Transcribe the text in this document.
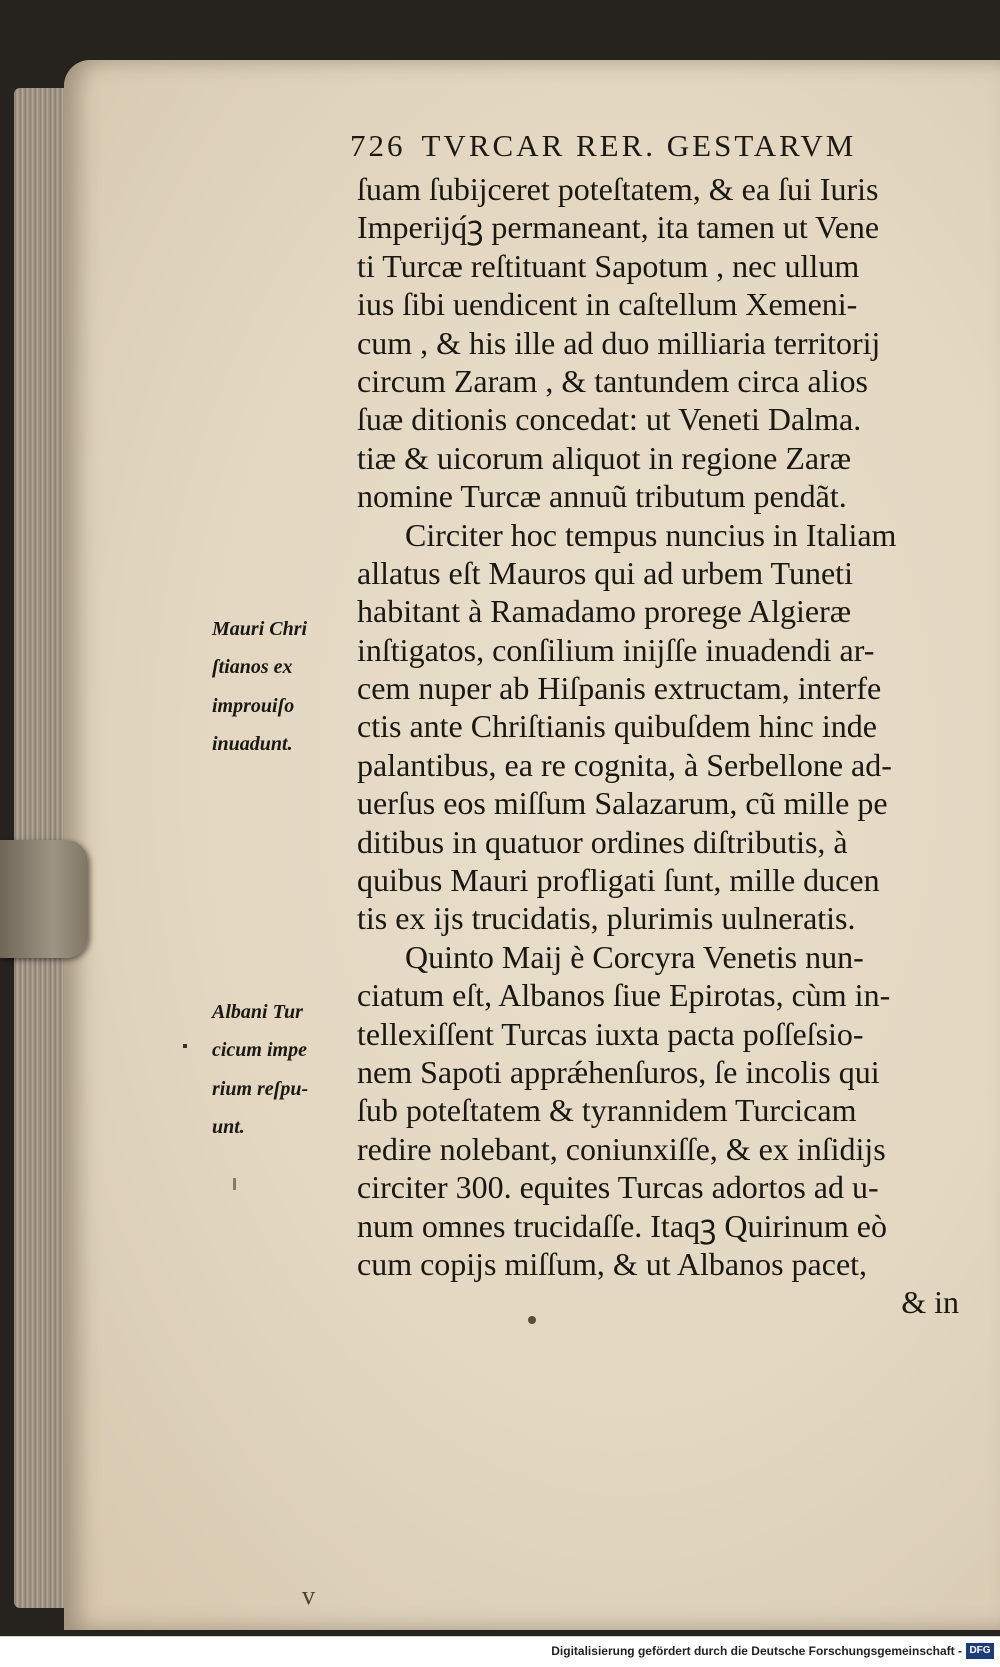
726 TVRCAR RER. GESTARVM
ſuam ſubĳceret poteſtatem, & ea ſui Iuris
Imperĳq́ꝫ permaneant, ita tamen ut Vene
ti Turcæ reſtituant Sapotum , nec ullum
ius ſibi uendicent in caſtellum Xemeni-
cum , & his ille ad duo milliaria territorĳ
circum Zaram , & tantundem circa alios
ſuæ ditionis concedat: ut Veneti Dalma.
tiæ & uicorum aliquot in regione Zaræ
nomine Turcæ annuũ tributum pendãt.
Circiter hoc tempus nuncius in Italiam
allatus eſt Mauros qui ad urbem Tuneti
habitant à Ramadamo prorege Algieræ
inſtigatos, conſilium inĳſſe inuadendi ar-
cem nuper ab Hiſpanis extructam, interfe
ctis ante Chriſtianis quibuſdem hinc inde
palantibus, ea re cognita, à Serbellone ad-
uerſus eos miſſum Salazarum, cũ mille pe
ditibus in quatuor ordines diſtributis, à
quibus Mauri profligati ſunt, mille ducen
tis ex ĳs trucidatis, plurimis uulneratis.
Quinto Maĳ è Corcyra Venetis nun-
ciatum eſt, Albanos ſiue Epirotas, cùm in-
tellexiſſent Turcas iuxta pacta poſſeſsio-
nem Sapoti apprǽhenſuros, ſe incolis qui
ſub poteſtatem & tyrannidem Turcicam
redire nolebant, coniunxiſſe, & ex inſidĳs
circiter 300. equites Turcas adortos ad u-
num omnes trucidaſſe. Itaqꝫ Quirinum eò
cum copĳs miſſum, & ut Albanos pacet,
& in
Mauri Chri
ſtianos ex
improuiſo
inuadunt.
Albani Tur
cicum impe
rium reſpu-
unt.
v
Digitalisierung gefördert durch die Deutsche Forschungsgemeinschaft - DFG
